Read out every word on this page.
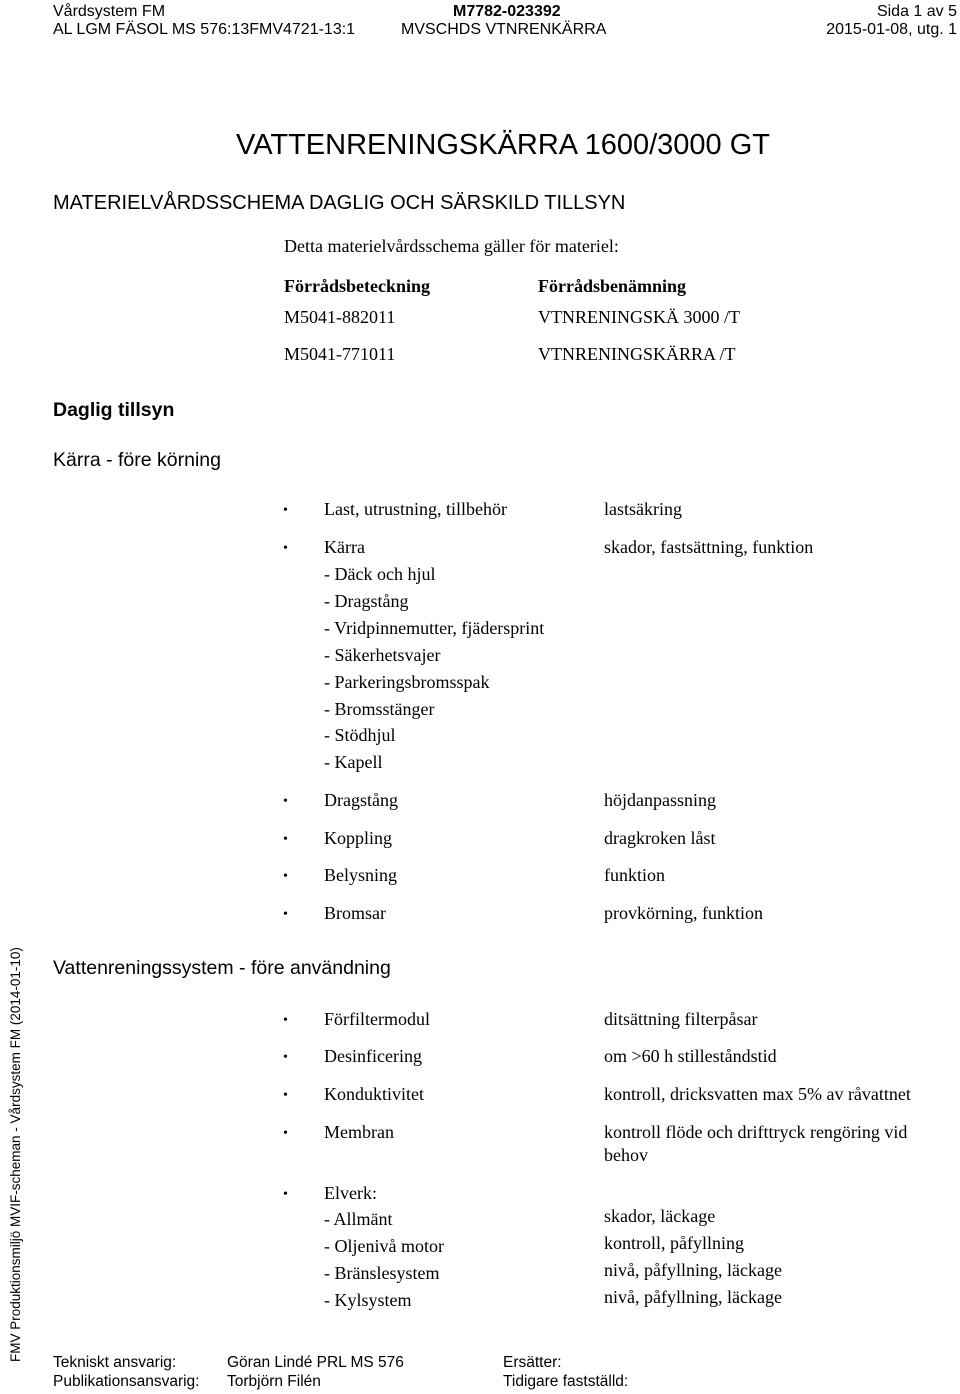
Vårdsystem FM
AL LGM FÄSOL MS 576:13FMV4721-13:1
M7782-023392
MVSCHDS VTNRENKÄRRA
Sida 1 av 5
2015-01-08, utg. 1
VATTENRENINGSKÄRRA 1600/3000 GT
MATERIELVÅRDSSCHEMA DAGLIG OCH SÄRSKILD TILLSYN
Detta materielvårdsschema gäller för materiel:
Förrådsbeteckning	Förrådsbenämning
M5041-882011	VTNRENINGSKÄ 3000 /T
M5041-771011	VTNRENINGSKÄRRA /T
Daglig tillsyn
Kärra - före körning
• Last, utrustning, tillbehör	lastsäkring
• Kärra	skador, fastsättning, funktion
- Däck och hjul
- Dragstång
- Vridpinnemutter, fjädersprint
- Säkerhetsvajer
- Parkeringsbromsspak
- Bromsstänger
- Stödhjul
- Kapell
• Dragstång	höjdanpassning
• Koppling	dragkroken låst
• Belysning	funktion
• Bromsar	provkörning, funktion
Vattenreningssystem - före användning
• Förfiltermodul	ditsättning filterpåsar
• Desinficering	om >60 h stilleståndstid
• Konduktivitet	kontroll, dricksvatten max 5% av råvattnet
• Membran	kontroll flöde och drifttryck rengöring vid
behov
• Elverk:
- Allmänt	skador, läckage
- Oljenivå motor	kontroll, påfyllning
- Bränslesystem	nivå, påfyllning, läckage
- Kylsystem	nivå, påfyllning, läckage
FMV Produktionsmiljö MVIF-scheman - Vårdsystem FM (2014-01-10)
Tekniskt ansvarig:	Göran Lindé PRL MS 576	Ersätter:
Publikationsansvarig: Torbjörn Filén	Tidigare fastställd:
